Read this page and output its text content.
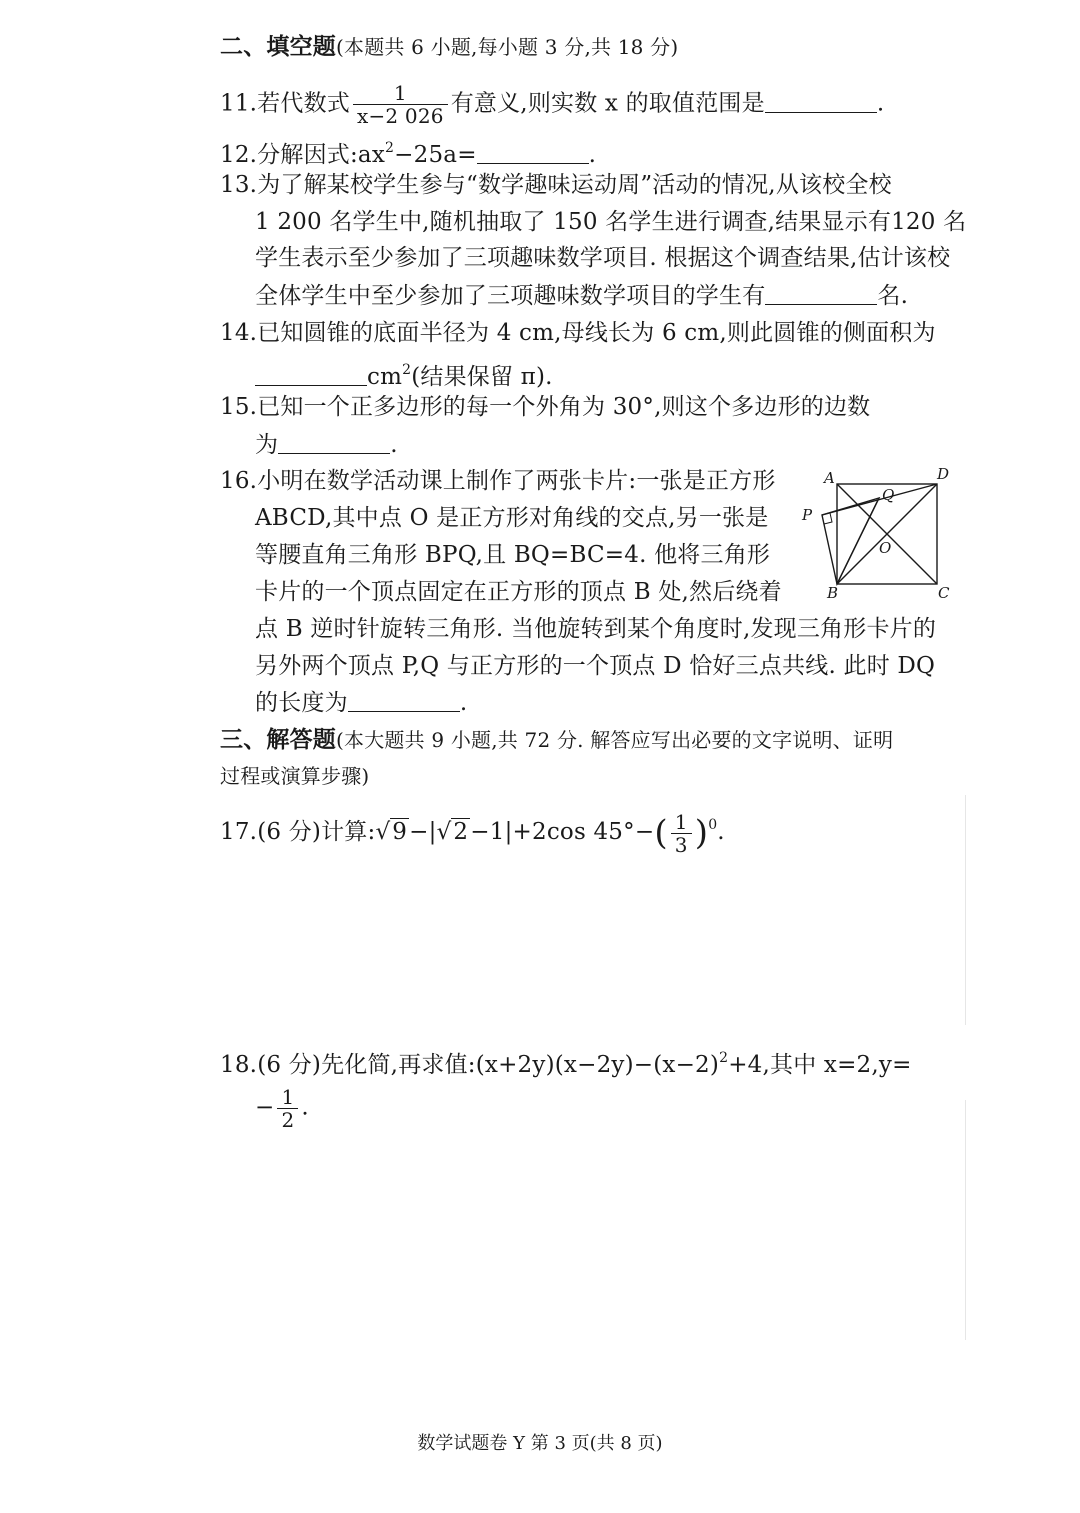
二、填空题(本题共 6 小题,每小题 3 分,共 18 分)
11.若代数式 $\frac{1}{x-2 026}$ 有意义,则实数 x 的取值范围是	.
12.分解因式$:ax^2-25a=$	.
13.为了解某校学生参与“数学趣味运动周”活动的情况,从该校全校
1 200 名学生中,随机抽取了 150 名学生进行调查,结果显示有120 名
学生表示至少参加了三项趣味数学项目. 根据这个调查结果,估计该校
全体学生中至少参加了三项趣味数学项目的学生有	名.
14.已知圆锥的底面半径为 4 cm,母线长为 6 cm,则此圆锥的侧面积为
$cm^2$(结果保留 π).
15.已知一个正多边形的每一个外角为 30°,则这个多边形的边数
为	.
16.小明在数学活动课上制作了两张卡片:一张是正方形
ABCD,其中点 O 是正方形对角线的交点,另一张是
等腰直角三角形 BPQ,且 BQ=BC=4. 他将三角形
卡片的一个顶点固定在正方形的顶点 B 处,然后绕着
点 B 逆时针旋转三角形. 当他旋转到某个角度时,发现三角形卡片的
另外两个顶点 P,Q 与正方形的一个顶点 D 恰好三点共线. 此时 DQ
的长度为	.
A	D
Q
P
O
B	C
三、解答题(本大题共 9 小题,共 72 分. 解答应写出必要的文字说明、证明
过程或演算步骤)
17.(6 分)计算:√9−|√2−1|+2cos $45^\circ-( \frac{1}{3} )^0$.
18.(6 分)先化简,再求值$:(x+2y)(x-2y)-(x-2)^2+4$,其中 x=2,y=
− $\frac{1}{2}$ .
数学试题卷 Y 第 3 页(共 8 页)
